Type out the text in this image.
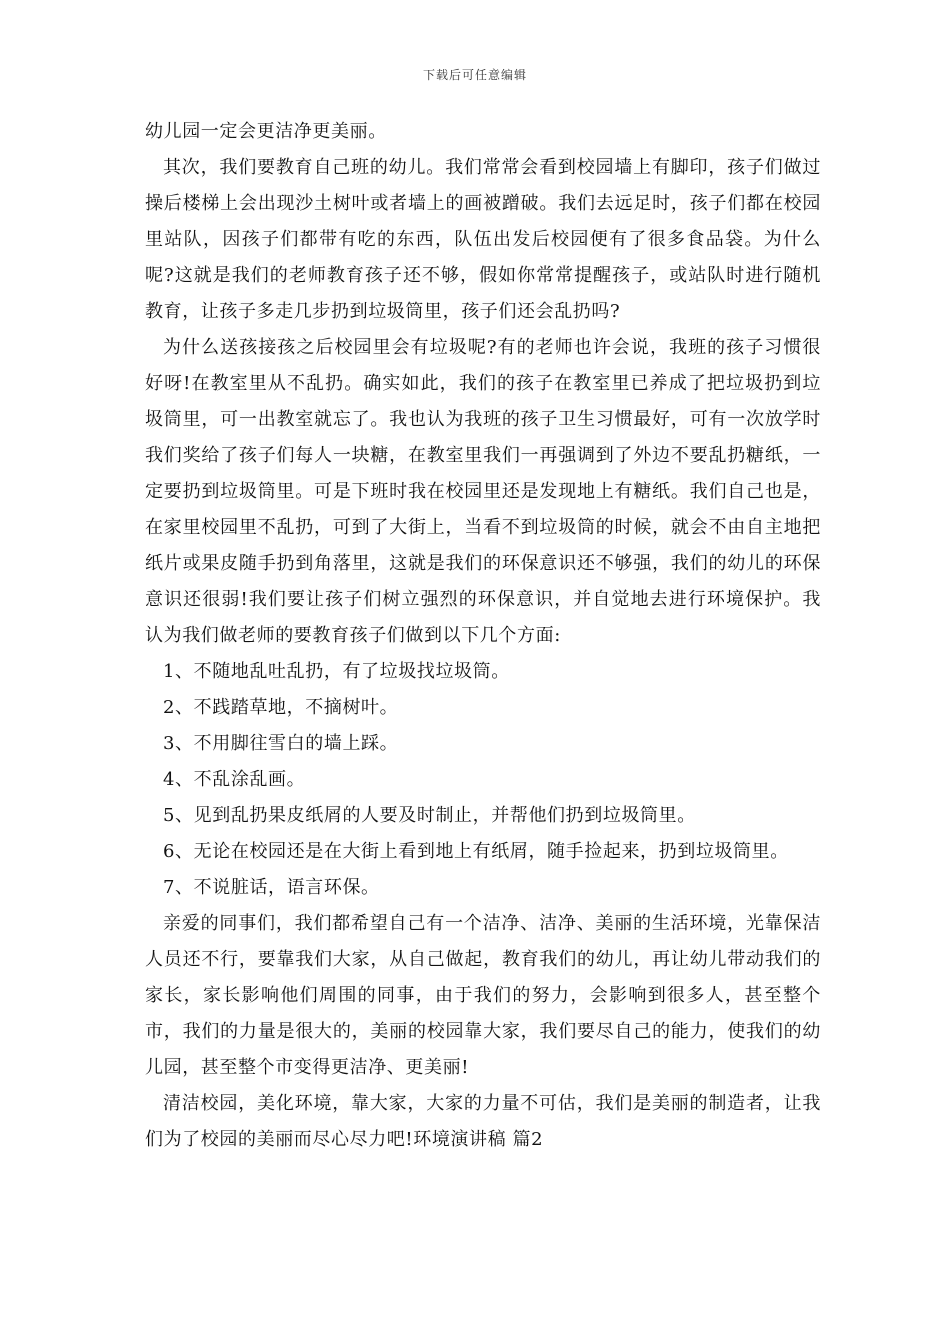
下载后可任意编辑

幼儿园一定会更洁净更美丽。

其次，我们要教育自己班的幼儿。我们常常会看到校园墙上有脚印，孩子们做过操后楼梯上会出现沙土树叶或者墙上的画被蹭破。我们去远足时，孩子们都在校园里站队，因孩子们都带有吃的东西，队伍出发后校园便有了很多食品袋。为什么呢?这就是我们的老师教育孩子还不够，假如你常常提醒孩子，或站队时进行随机教育，让孩子多走几步扔到垃圾筒里，孩子们还会乱扔吗?

为什么送孩接孩之后校园里会有垃圾呢?有的老师也许会说，我班的孩子习惯很好呀!在教室里从不乱扔。确实如此，我们的孩子在教室里已养成了把垃圾扔到垃圾筒里，可一出教室就忘了。我也认为我班的孩子卫生习惯最好，可有一次放学时我们奖给了孩子们每人一块糖，在教室里我们一再强调到了外边不要乱扔糖纸，一定要扔到垃圾筒里。可是下班时我在校园里还是发现地上有糖纸。我们自己也是，在家里校园里不乱扔，可到了大街上，当看不到垃圾筒的时候，就会不由自主地把纸片或果皮随手扔到角落里，这就是我们的环保意识还不够强，我们的幼儿的环保意识还很弱!我们要让孩子们树立强烈的环保意识，并自觉地去进行环境保护。我认为我们做老师的要教育孩子们做到以下几个方面:

1、不随地乱吐乱扔，有了垃圾找垃圾筒。

2、不践踏草地，不摘树叶。

3、不用脚往雪白的墙上踩。

4、不乱涂乱画。

5、见到乱扔果皮纸屑的人要及时制止，并帮他们扔到垃圾筒里。

6、无论在校园还是在大街上看到地上有纸屑，随手捡起来，扔到垃圾筒里。

7、不说脏话，语言环保。

亲爱的同事们，我们都希望自己有一个洁净、洁净、美丽的生活环境，光靠保洁人员还不行，要靠我们大家，从自己做起，教育我们的幼儿，再让幼儿带动我们的家长，家长影响他们周围的同事，由于我们的努力，会影响到很多人，甚至整个市，我们的力量是很大的，美丽的校园靠大家，我们要尽自己的能力，使我们的幼儿园，甚至整个市变得更洁净、更美丽!

清洁校园，美化环境，靠大家，大家的力量不可估，我们是美丽的制造者，让我们为了校园的美丽而尽心尽力吧!环境演讲稿 篇2
